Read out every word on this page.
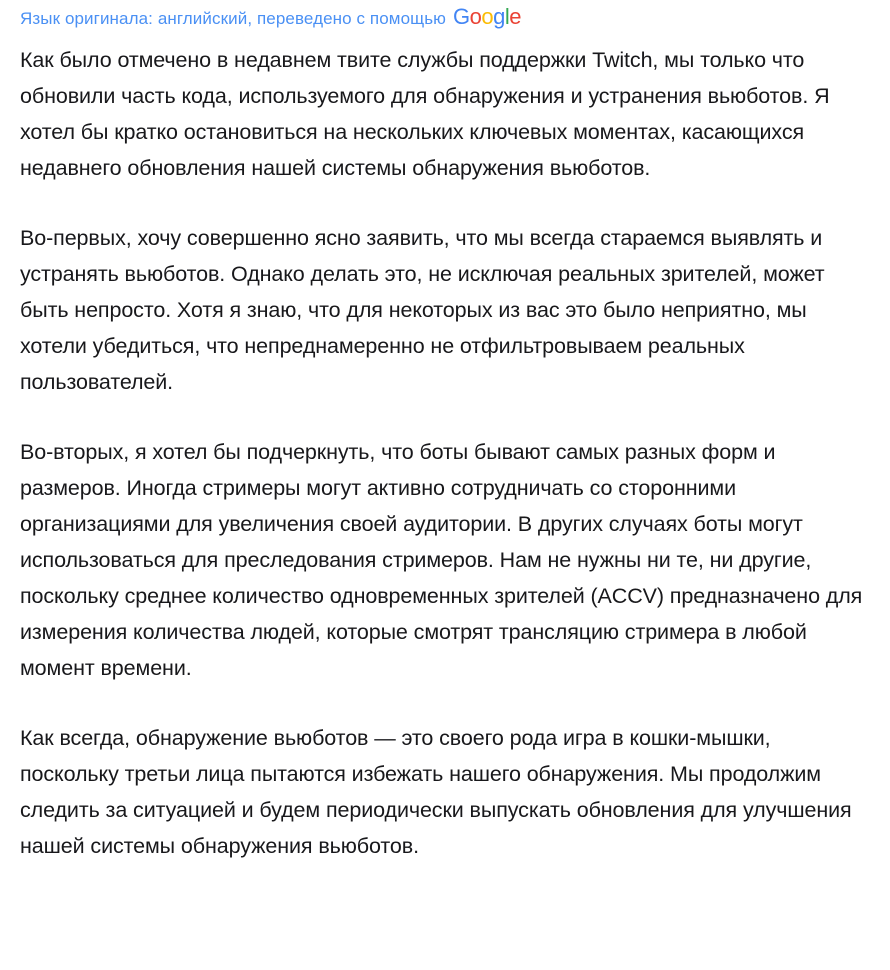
Язык оригинала: английский, переведено с помощью Google

Как было отмечено в недавнем твите службы поддержки Twitch, мы только что обновили часть кода, используемого для обнаружения и устранения вьюботов. Я хотел бы кратко остановиться на нескольких ключевых моментах, касающихся недавнего обновления нашей системы обнаружения вьюботов.

Во-первых, хочу совершенно ясно заявить, что мы всегда стараемся выявлять и устранять вьюботов. Однако делать это, не исключая реальных зрителей, может быть непросто. Хотя я знаю, что для некоторых из вас это было неприятно, мы хотели убедиться, что непреднамеренно не отфильтровываем реальных пользователей.

Во-вторых, я хотел бы подчеркнуть, что боты бывают самых разных форм и размеров. Иногда стримеры могут активно сотрудничать со сторонними организациями для увеличения своей аудитории. В других случаях боты могут использоваться для преследования стримеров. Нам не нужны ни те, ни другие, поскольку среднее количество одновременных зрителей (ACCV) предназначено для измерения количества людей, которые смотрят трансляцию стримера в любой момент времени.

Как всегда, обнаружение вьюботов — это своего рода игра в кошки-мышки, поскольку третьи лица пытаются избежать нашего обнаружения. Мы продолжим следить за ситуацией и будем периодически выпускать обновления для улучшения нашей системы обнаружения вьюботов.
